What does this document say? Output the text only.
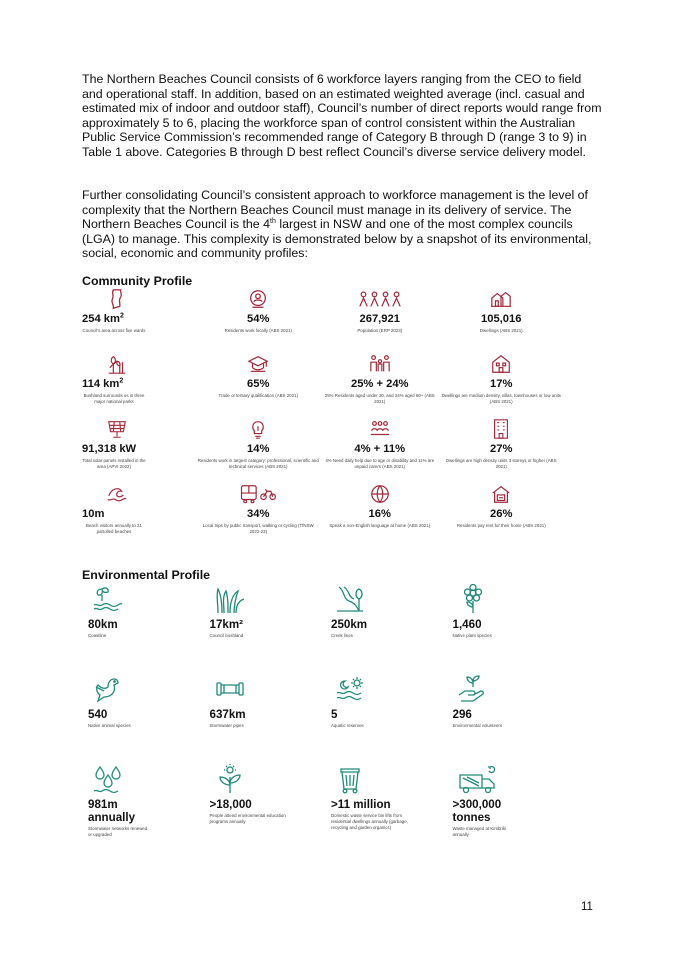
The Northern Beaches Council consists of 6 workforce layers ranging from the CEO to field and operational staff. In addition, based on an estimated weighted average (incl. casual and estimated mix of indoor and outdoor staff), Council’s number of direct reports would range from approximately 5 to 6, placing the workforce span of control consistent within the Australian Public Service Commission’s recommended range of Category B through D (range 3 to 9) in Table 1 above. Categories B through D best reflect Council’s diverse service delivery model.
Further consolidating Council’s consistent approach to workforce management is the level of complexity that the Northern Beaches Council must manage in its delivery of service. The Northern Beaches Council is the 4th largest in NSW and one of the most complex councils (LGA) to manage. This complexity is demonstrated below by a snapshot of its environmental, social, economic and community profiles:
Community Profile
254 $km^2$
Council’s area across five wards
54%
Residents work locally (ABS 2021)
267,921
Population (ERP 2023)
105,016
Dwellings (ABS 2021)
114 $km^2$
Bushland surrounds us in three major national parks
65%
Trade or tertiary qualification (ABS 2021)
25% + 24%
25% Residents aged under 20, and 24% aged 60+ (ABS 2021)
17%
Dwellings are medium density, villas, townhouses or low units (ABS 2021)
91,318 kW
Total solar panels installed in the area (APVI 2022)
14%
Residents work in largest category: professional, scientific and technical services (ABS 2021)
4% + 11%
4% Need daily help due to age or disability and 11% are unpaid carers (ABS 2021)
27%
Dwellings are high density units 3 storeys or higher (ABS 2021)
10m
Beach visitors annually to 21 patrolled beaches
34%
Local trips by public transport, walking or cycling (TfNSW 2022-23)
16%
Speak a non-English language at home (ABS 2021)
26%
Residents pay rent for their home (ABS 2021)
Environmental Profile
80km
Coastline
17km²
Council bushland
250km
Creek lines
1,460
Native plant species
540
Native animal species
637km
Stormwater pipes
5
Aquatic reserves
296
Environmental volunteers
981m annually
Stormwater networks renewed or upgraded
>18,000
People attend environmental education programs annually
>11 million
Domestic waste service bin lifts from residential dwellings annually (garbage, recycling and garden organics)
>300,000 tonnes
Waste managed at Kimbriki annually
11
